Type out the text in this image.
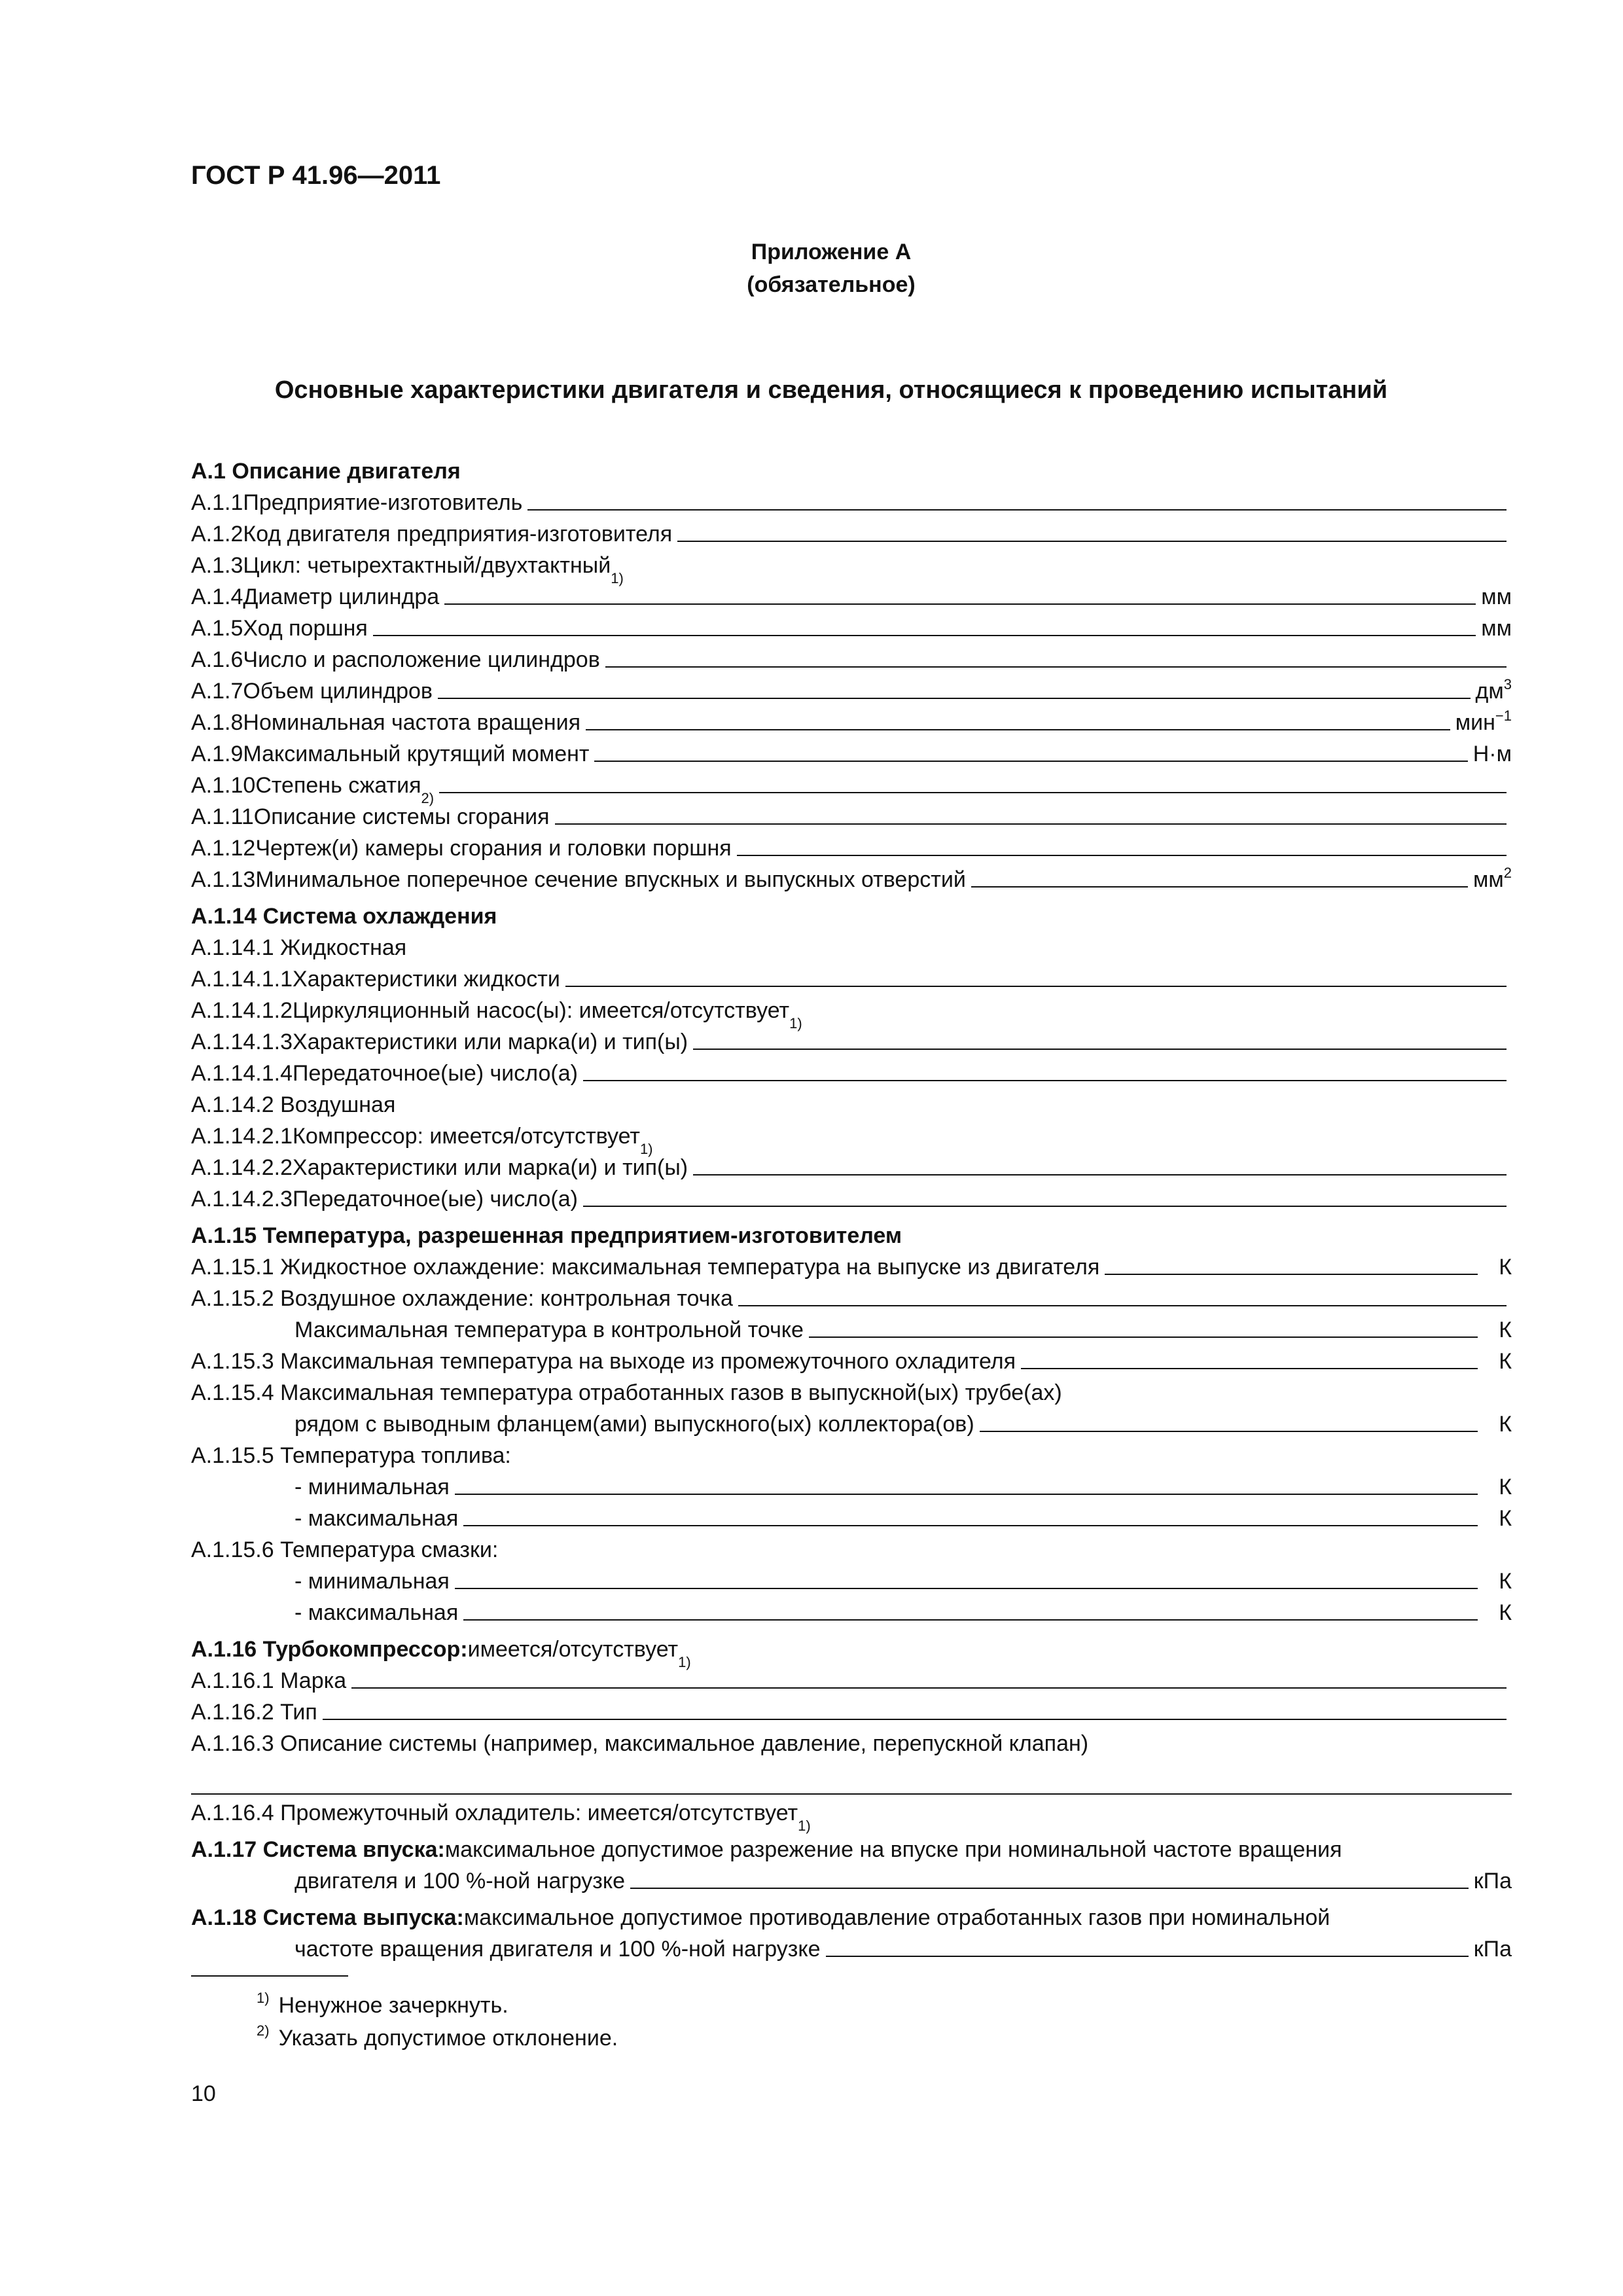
ГОСТ Р 41.96—2011
Приложение А
(обязательное)
Основные характеристики двигателя и сведения, относящиеся к проведению испытаний
А.1 Описание двигателя
А.1.1 Предприятие-изготовитель
А.1.2 Код двигателя предприятия-изготовителя
А.1.3 Цикл: четырехтактный/двухтактный
1)
А.1.4 Диаметр цилиндра	мм
А.1.5 Ход поршня	мм
А.1.6 Число и расположение цилиндров
А.1.7 Объем цилиндров	$дм^3$
А.1.8 Номинальная частота вращения	мин$^{-1}$
А.1.9 Максимальный крутящий момент	Н·м
А.1.10 Степень сжатия
2)
А.1.11 Описание системы сгорания
А.1.12 Чертеж(и) камеры сгорания и головки поршня
А.1.13 Минимальное поперечное сечение впускных и выпускных отверстий	$мм^2$
А.1.14 Система охлаждения
А.1.14.1 Жидкостная
А.1.14.1.1 Характеристики жидкости
А.1.14.1.2 Циркуляционный насос(ы): имеется/отсутствует
1)
А.1.14.1.3 Характеристики или марка(и) и тип(ы)
А.1.14.1.4 Передаточное(ые) число(а)
А.1.14.2 Воздушная
А.1.14.2.1 Компрессор: имеется/отсутствует
1)
А.1.14.2.2 Характеристики или марка(и) и тип(ы)
А.1.14.2.3 Передаточное(ые) число(а)
А.1.15 Температура, разрешенная предприятием-изготовителем
А.1.15.1 Жидкостное охлаждение: максимальная температура на выпуске из двигателя	К
А.1.15.2 Воздушное охлаждение: контрольная точка
Максимальная температура в контрольной точке	К
А.1.15.3 Максимальная температура на выходе из промежуточного охладителя	К
А.1.15.4 Максимальная температура отработанных газов в выпускной(ых) трубе(ах)
рядом с выводным фланцем(ами) выпускного(ых) коллектора(ов)	К
А.1.15.5 Температура топлива:
- минимальная	К
- максимальная	К
А.1.15.6 Температура смазки:
- минимальная	К
- максимальная	К
А.1.16 Турбокомпрессор: имеется/отсутствует
1)
А.1.16.1 Марка
А.1.16.2 Тип
А.1.16.3 Описание системы (например, максимальное давление, перепускной клапан)
А.1.16.4 Промежуточный охладитель: имеется/отсутствует
1)
А.1.17 Система впуска: максимальное допустимое разрежение на впуске при номинальной частоте вращения
двигателя и 100 %-ной нагрузке	кПа
А.1.18 Система выпуска: максимальное допустимое противодавление отработанных газов при номинальной
частоте вращения двигателя и 100 %-ной нагрузке	кПа
1) Ненужное зачеркнуть.
2) Указать допустимое отклонение.

10
